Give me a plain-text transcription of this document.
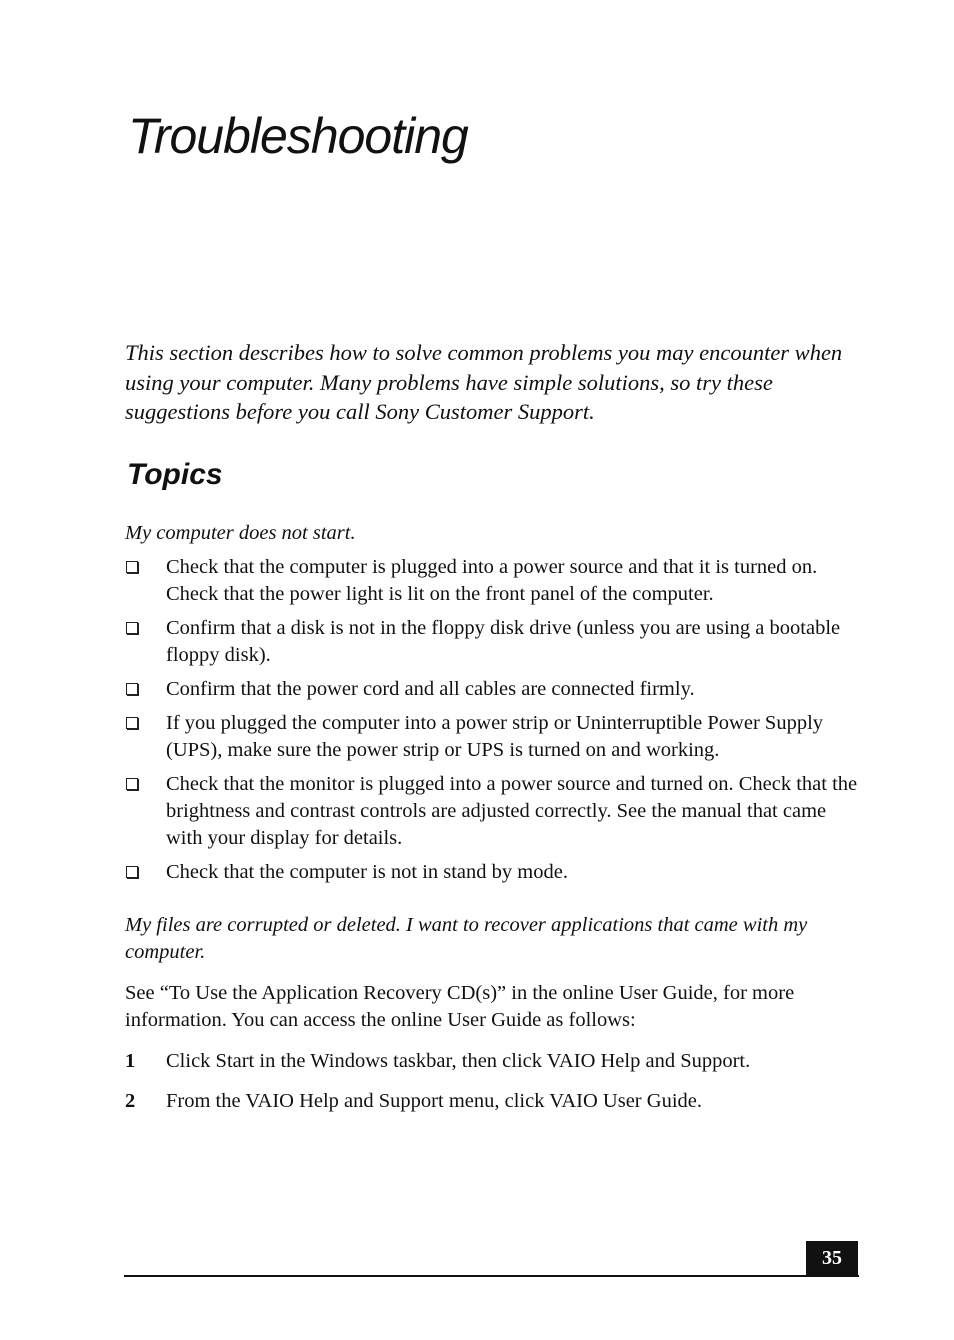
Troubleshooting

This section describes how to solve common problems you may encounter when using your computer. Many problems have simple solutions, so try these suggestions before you call Sony Customer Support.

Topics

My computer does not start.

Check that the computer is plugged into a power source and that it is turned on. Check that the power light is lit on the front panel of the computer.
Confirm that a disk is not in the floppy disk drive (unless you are using a bootable floppy disk).
Confirm that the power cord and all cables are connected firmly.
If you plugged the computer into a power strip or Uninterruptible Power Supply (UPS), make sure the power strip or UPS is turned on and working.
Check that the monitor is plugged into a power source and turned on. Check that the brightness and contrast controls are adjusted correctly. See the manual that came with your display for details.
Check that the computer is not in stand by mode.

My files are corrupted or deleted. I want to recover applications that came with my computer.

See “To Use the Application Recovery CD(s)” in the online User Guide, for more information. You can access the online User Guide as follows:

1 Click Start in the Windows taskbar, then click VAIO Help and Support.
2 From the VAIO Help and Support menu, click VAIO User Guide.
35
